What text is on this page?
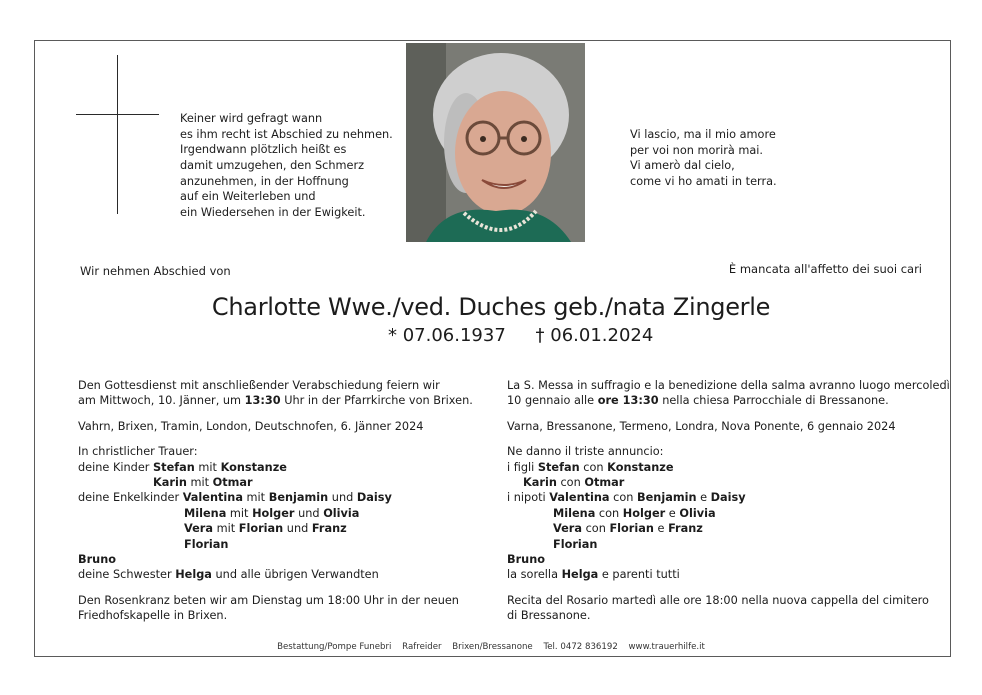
Keiner wird gefragt wann
es ihm recht ist Abschied zu nehmen.
Irgendwann plötzlich heißt es
damit umzugehen, den Schmerz
anzunehmen, in der Hoffnung
auf ein Weiterleben und
ein Wiedersehen in der Ewigkeit.
Vi lascio, ma il mio amore
per voi non morirà mai.
Vi amerò dal cielo,
come vi ho amati in terra.
Wir nehmen Abschied von	È mancata all'affetto dei suoi cari
Charlotte Wwe./ved. Duches geb./nata Zingerle
* 07.06.1937 † 06.01.2024
Den Gottesdienst mit anschließender Verabschiedung feiern wir
am Mittwoch, 10. Jänner, um 13:30 Uhr in der Pfarrkirche von Brixen.
Vahrn, Brixen, Tramin, London, Deutschnofen, 6. Jänner 2024
In christlicher Trauer:
deine Kinder Stefan mit Konstanze
Karin mit Otmar
deine Enkelkinder Valentina mit Benjamin und Daisy
Milena mit Holger und Olivia
Vera mit Florian und Franz
Florian
Bruno
deine Schwester Helga und alle übrigen Verwandten
Den Rosenkranz beten wir am Dienstag um 18:00 Uhr in der neuen
Friedhofskapelle in Brixen.
La S. Messa in suffragio e la benedizione della salma avranno luogo mercoledì
10 gennaio alle ore 13:30 nella chiesa Parrocchiale di Bressanone.
Varna, Bressanone, Termeno, Londra, Nova Ponente, 6 gennaio 2024
Ne danno il triste annuncio:
i figli Stefan con Konstanze
Karin con Otmar
i nipoti Valentina con Benjamin e Daisy
Milena con Holger e Olivia
Vera con Florian e Franz
Florian
Bruno
la sorella Helga e parenti tutti
Recita del Rosario martedì alle ore 18:00 nella nuova cappella del cimitero
di Bressanone.
Bestattung/Pompe Funebri Rafreider Brixen/Bressanone Tel. 0472 836192 www.trauerhilfe.it
